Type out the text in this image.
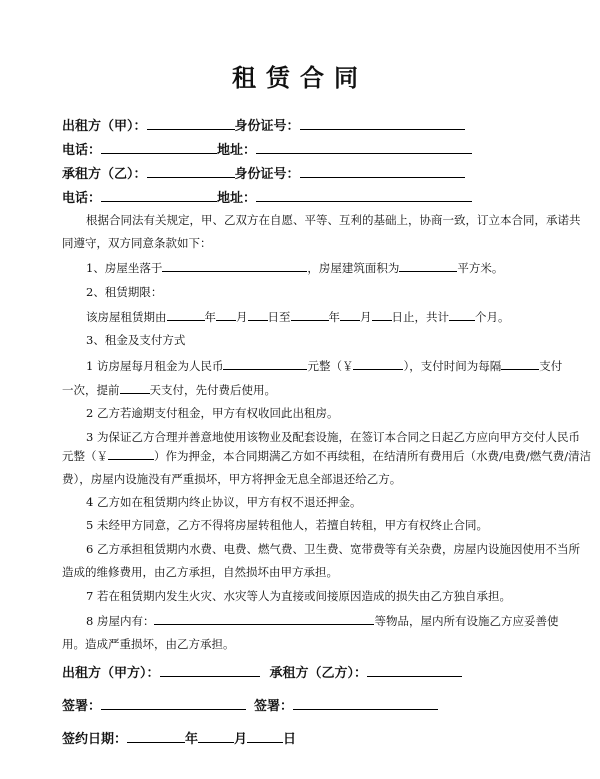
租赁合同
出租方（甲）：	身份证号：
电话：	地址：
承租方（乙）：	身份证号：
电话：	地址：
根据合同法有关规定，甲、乙双方在自愿、平等、互利的基础上，协商一致，订立本合同，承诺共
同遵守，双方同意条款如下：
1、房屋坐落于	，房屋建筑面积为	平方米。
2、租赁期限：
该房屋租赁期由	年 月 日至	年 月 日止，共计 个月。
3、租金及支付方式
1 访房屋每月租金为人民币	元整（￥	），支付时间为每隔	支付
一次，提前	天支付，先付费后使用。
2 乙方若逾期支付租金，甲方有权收回此出租房。
3 为保证乙方合理并善意地使用该物业及配套设施，在签订本合同之日起乙方应向甲方交付人民币
元整（￥	）作为押金，本合同期满乙方如不再续租，在结清所有费用后（水费/电费/燃气费/清洁
费），房屋内设施没有严重损坏，甲方将押金无息全部退还给乙方。
4 乙方如在租赁期内终止协议，甲方有权不退还押金。
5 未经甲方同意，乙方不得将房屋转租他人，若擅自转租，甲方有权终止合同。
6 乙方承担租赁期内水费、电费、燃气费、卫生费、宽带费等有关杂费，房屋内设施因使用不当所
造成的维修费用，由乙方承担，自然损坏由甲方承担。
7 若在租赁期内发生火灾、水灾等人为直接或间接原因造成的损失由乙方独自承担。
8 房屋内有：	等物品，屋内所有设施乙方应妥善使
用。造成严重损坏，由乙方承担。
出租方（甲方）：	承租方（乙方）：
签署：	签署：
签约日期：	年	月	日
